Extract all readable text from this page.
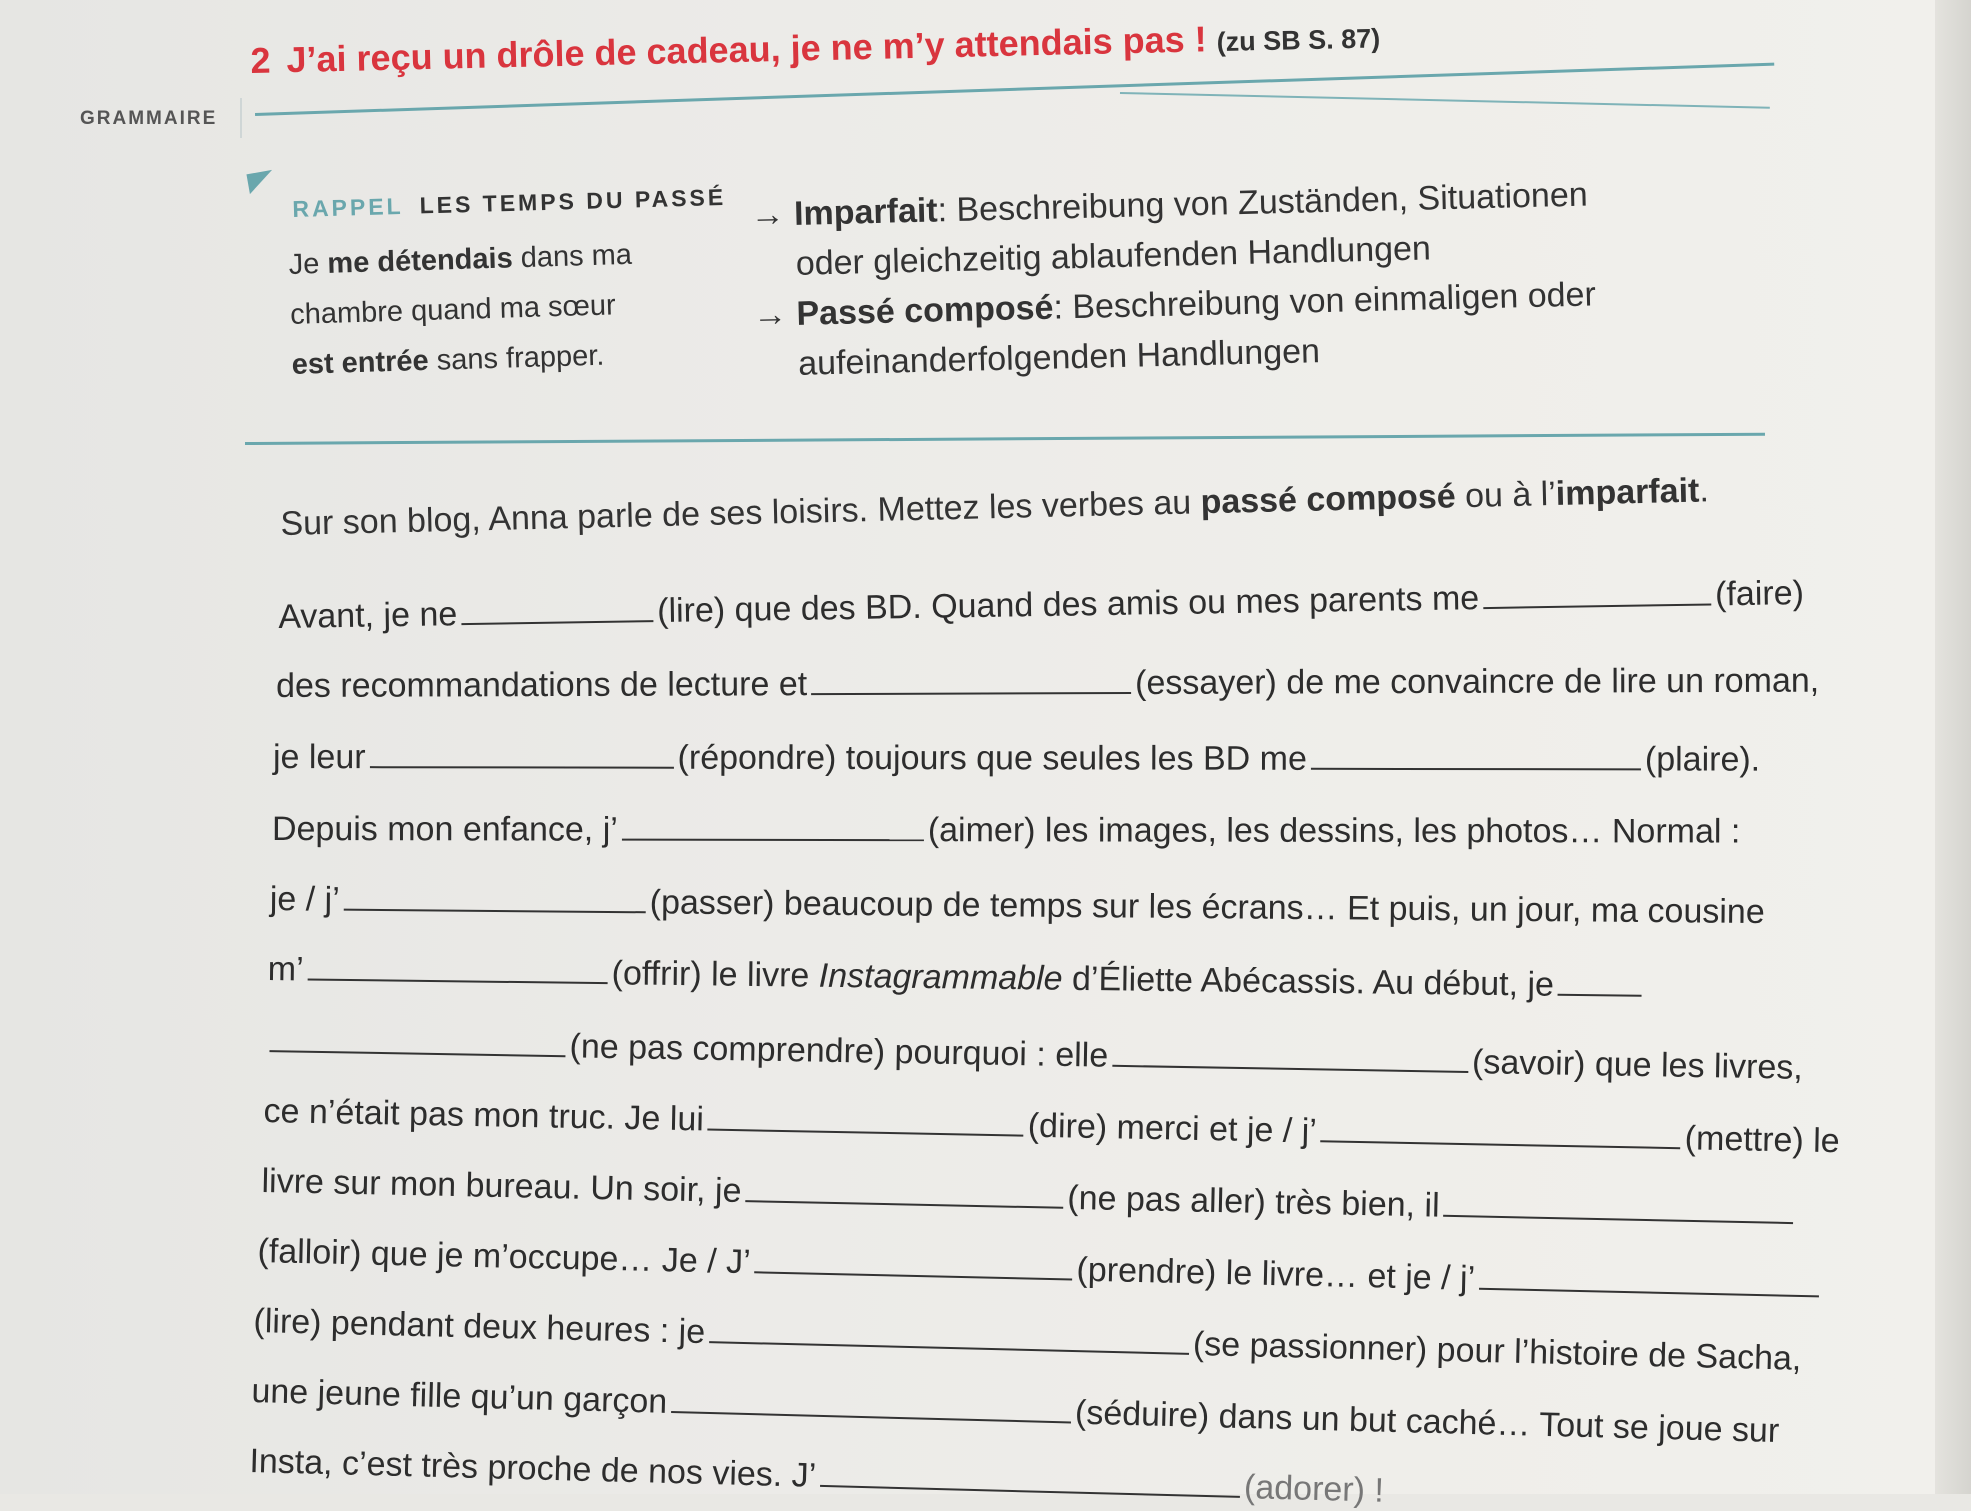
GRAMMAIRE
2 J’ai reçu un drôle de cadeau, je ne m’y attendais pas ! (zu SB S. 87)
RAPPEL LES TEMPS DU PASSÉ
Je me détendais dans ma
chambre quand ma sœur
est entrée sans frapper.
→ Imparfait: Beschreibung von Zuständen, Situationen
oder gleichzeitig ablaufenden Handlungen
→ Passé composé: Beschreibung von einmaligen oder
aufeinanderfolgenden Handlungen
Sur son blog, Anna parle de ses loisirs. Mettez les verbes au passé composé ou à l’imparfait.
Avant, je ne	(lire) que des BD. Quand des amis ou mes parents me	(faire)
des recommandations de lecture et	(essayer) de me convaincre de lire un roman,
je leur	(répondre) toujours que seules les BD me	(plaire).
Depuis mon enfance, j’	(aimer) les images, les dessins, les photos… Normal :
je / j’	(passer) beaucoup de temps sur les écrans… Et puis, un jour, ma cousine
m’	(offrir) le livre Instagrammable d’Éliette Abécassis. Au début, je
(ne pas comprendre) pourquoi : elle	(savoir) que les livres,
ce n’était pas mon truc. Je lui	(dire) merci et je / j’	(mettre) le
livre sur mon bureau. Un soir, je	(ne pas aller) très bien, il
(falloir) que je m’occupe… Je / J’	(prendre) le livre… et je / j’
(lire) pendant deux heures : je	(se passionner) pour l’histoire de Sacha,
une jeune fille qu’un garçon	(séduire) dans un but caché… Tout se joue sur
Insta, c’est très proche de nos vies. J’	(adorer) !
